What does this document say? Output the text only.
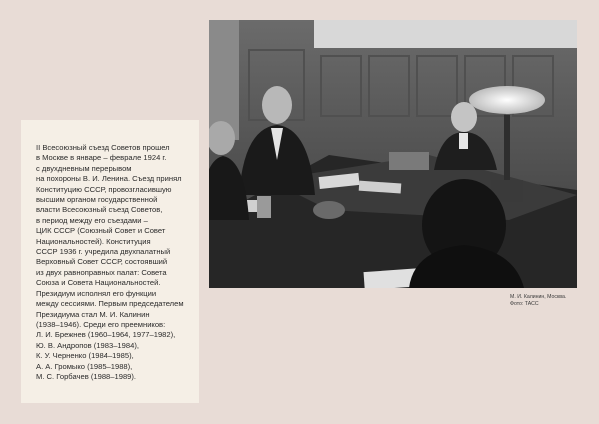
II Всесоюзный съезд Советов прошел
в Москве в январе – феврале 1924 г.
с двухдневным перерывом
на похороны В. И. Ленина. Съезд принял
Конституцию СССР, провозгласившую
высшим органом государственной
власти Всесоюзный съезд Советов,
в период между его съездами –
ЦИК СССР (Союзный Совет и Совет
Национальностей). Конституция
СССР 1936 г. учредила двухпалатный
Верховный Совет СССР, состоявший
из двух равноправных палат: Совета
Союза и Совета Национальностей.
Президиум исполнял его функции
между сессиями. Первым председателем
Президиума стал М. И. Калинин
(1938–1946). Среди его преемников:
Л. И. Брежнев (1960–1964, 1977–1982),
Ю. В. Андропов (1983–1984),
К. У. Черненко (1984–1985),
А. А. Громыко (1985–1988),
М. С. Горбачев (1988–1989).

М. И. Калинин, Москва.
Фото: ТАСС
